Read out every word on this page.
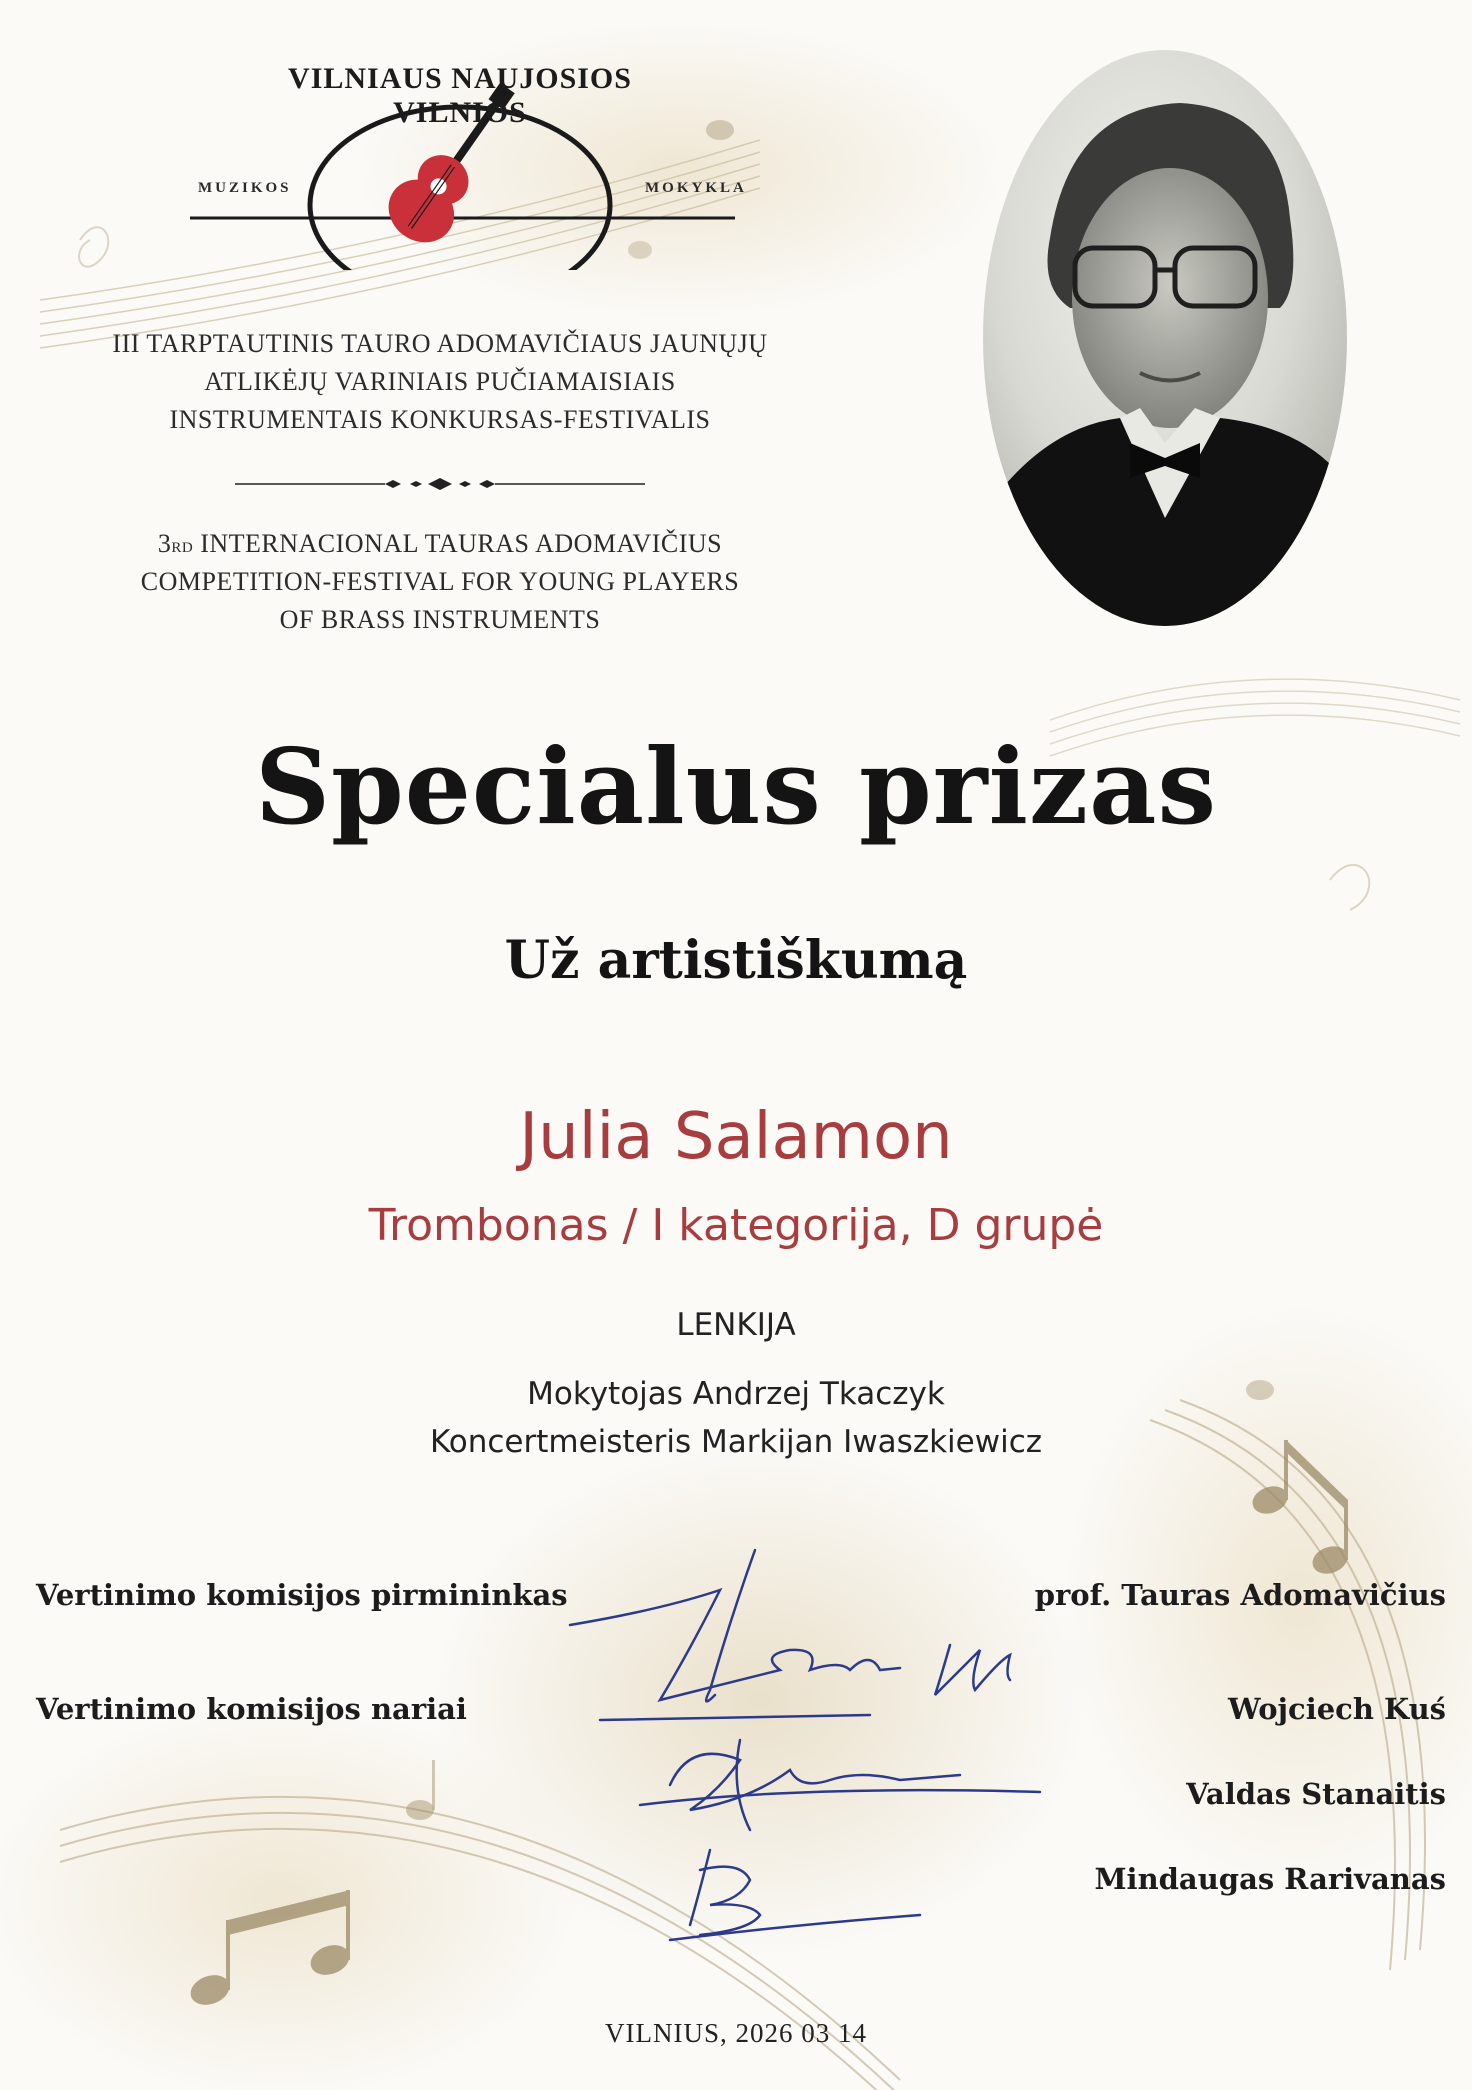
VILNIAUS NAUJOSIOS VILNIOS
MUZIKOS	MOKYKLA
III TARPTAUTINIS TAURO ADOMAVIČIAUS JAUNŲJŲ
ATLIKĖJŲ VARINIAIS PUČIAMAISIAIS
INSTRUMENTAIS KONKURSAS-FESTIVALIS
3RD INTERNACIONAL TAURAS ADOMAVIČIUS
COMPETITION-FESTIVAL FOR YOUNG PLAYERS
OF BRASS INSTRUMENTS
Specialus prizas
Už artistiškumą
Julia Salamon
Trombonas / I kategorija, D grupė
LENKIJA
Mokytojas Andrzej Tkaczyk
Koncertmeisteris Markijan Iwaszkiewicz
Vertinimo komisijos pirmininkas	prof. Tauras Adomavičius
Vertinimo komisijos nariai	Wojciech Kuś
Valdas Stanaitis
Mindaugas Rarivanas
VILNIUS, 2026 03 14
